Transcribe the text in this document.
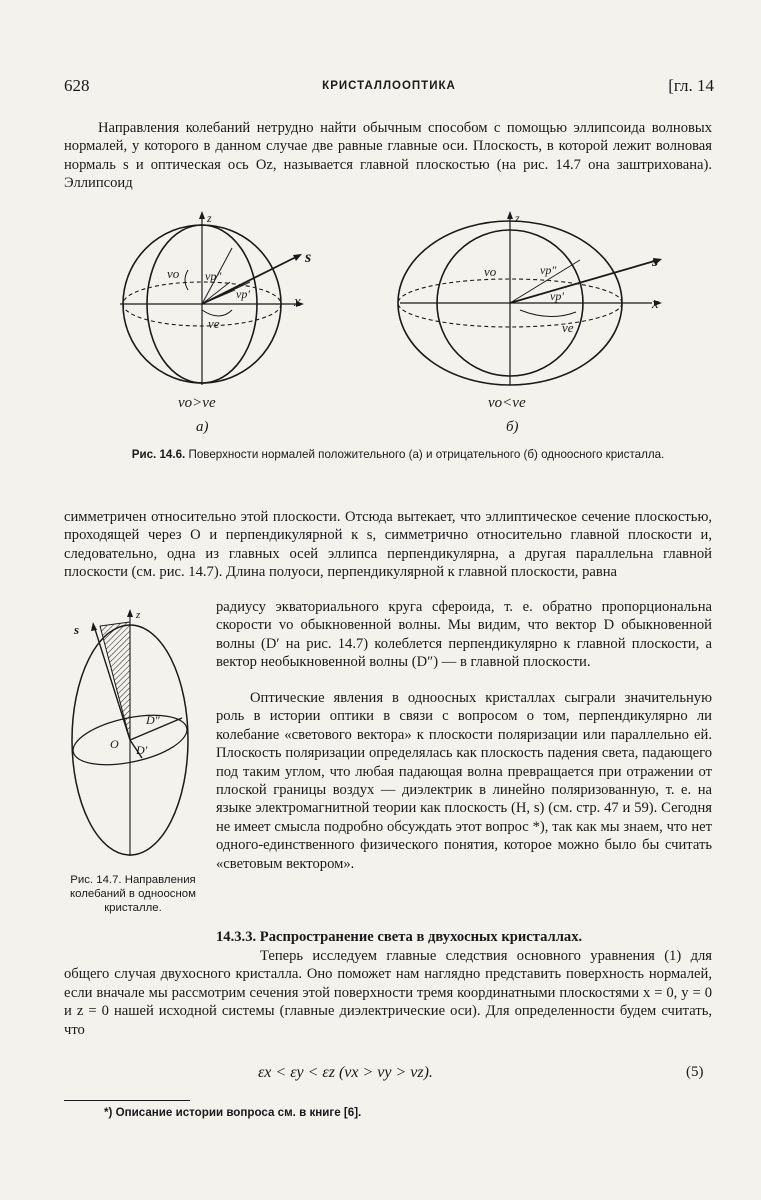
628	КРИСТАЛЛООПТИКА	[гл. 14
Направления колебаний нетрудно найти обычным способом с помощью эллипсоида волновых нормалей, у которого в данном случае две равные главные оси. Плоскость, в которой лежит волновая нормаль s и оптическая ось Oz, называется главной плоскостью (на рис. 14.7 она заштрихована). Эллипсоид
z
x
s
vo vp″
vp′
ve
vo>ve
a)
z
x
s
vo	vp″
vp′
ve
vo<ve
б)
Рис. 14.6. Поверхности нормалей положительного (а) и отрицательного (б) одноосного кристалла.
симметричен относительно этой плоскости. Отсюда вытекает, что эллиптическое сечение плоскостью, проходящей через O и перпендикулярной к s, симметрично относительно главной плоскости и, следовательно, одна из главных осей эллипса перпендикулярна, а другая параллельна главной плоскости (см. рис. 14.7). Длина полуоси, перпендикулярной к главной плоскости, равна
z
s
O
D″
D′
Рис. 14.7. Направления колебаний в одноосном кристалле.
радиусу экваториального круга сфероида, т. е. обратно пропорциональна скорости vo обыкновенной волны. Мы видим, что вектор D обыкновенной волны (D′ на рис. 14.7) колеблется перпендикулярно к главной плоскости, а вектор необыкновенной волны (D″) — в главной плоскости.
Оптические явления в одноосных кристаллах сыграли значительную роль в истории оптики в связи с вопросом о том, перпендикулярно ли колебание «светового вектора» к плоскости поляризации или параллельно ей. Плоскость поляризации определялась как плоскость падения света, падающего под таким углом, что любая падающая волна превращается при отражении от плоской границы воздух — диэлектрик в линейно поляризованную, т. е. на языке электромагнитной теории как плоскость (H, s) (см. стр. 47 и 59). Сегодня не имеет смысла подробно обсуждать этот вопрос *), так как мы знаем, что нет одного-единственного физического понятия, которое можно было бы считать «световым вектором».
14.3.3. Распространение света в двухосных кристаллах.
Теперь исследуем главные следствия основного уравнения (1) для общего случая двухосного кристалла. Оно поможет нам наглядно представить поверхность нормалей, если вначале мы рассмотрим сечения этой поверхности тремя координатными плоскостями x = 0, y = 0 и z = 0 нашей исходной системы (главные диэлектрические оси). Для определенности будем считать, что
εx < εy < εz (vx > vy > vz).	(5)
*) Описание истории вопроса см. в книге [6].
